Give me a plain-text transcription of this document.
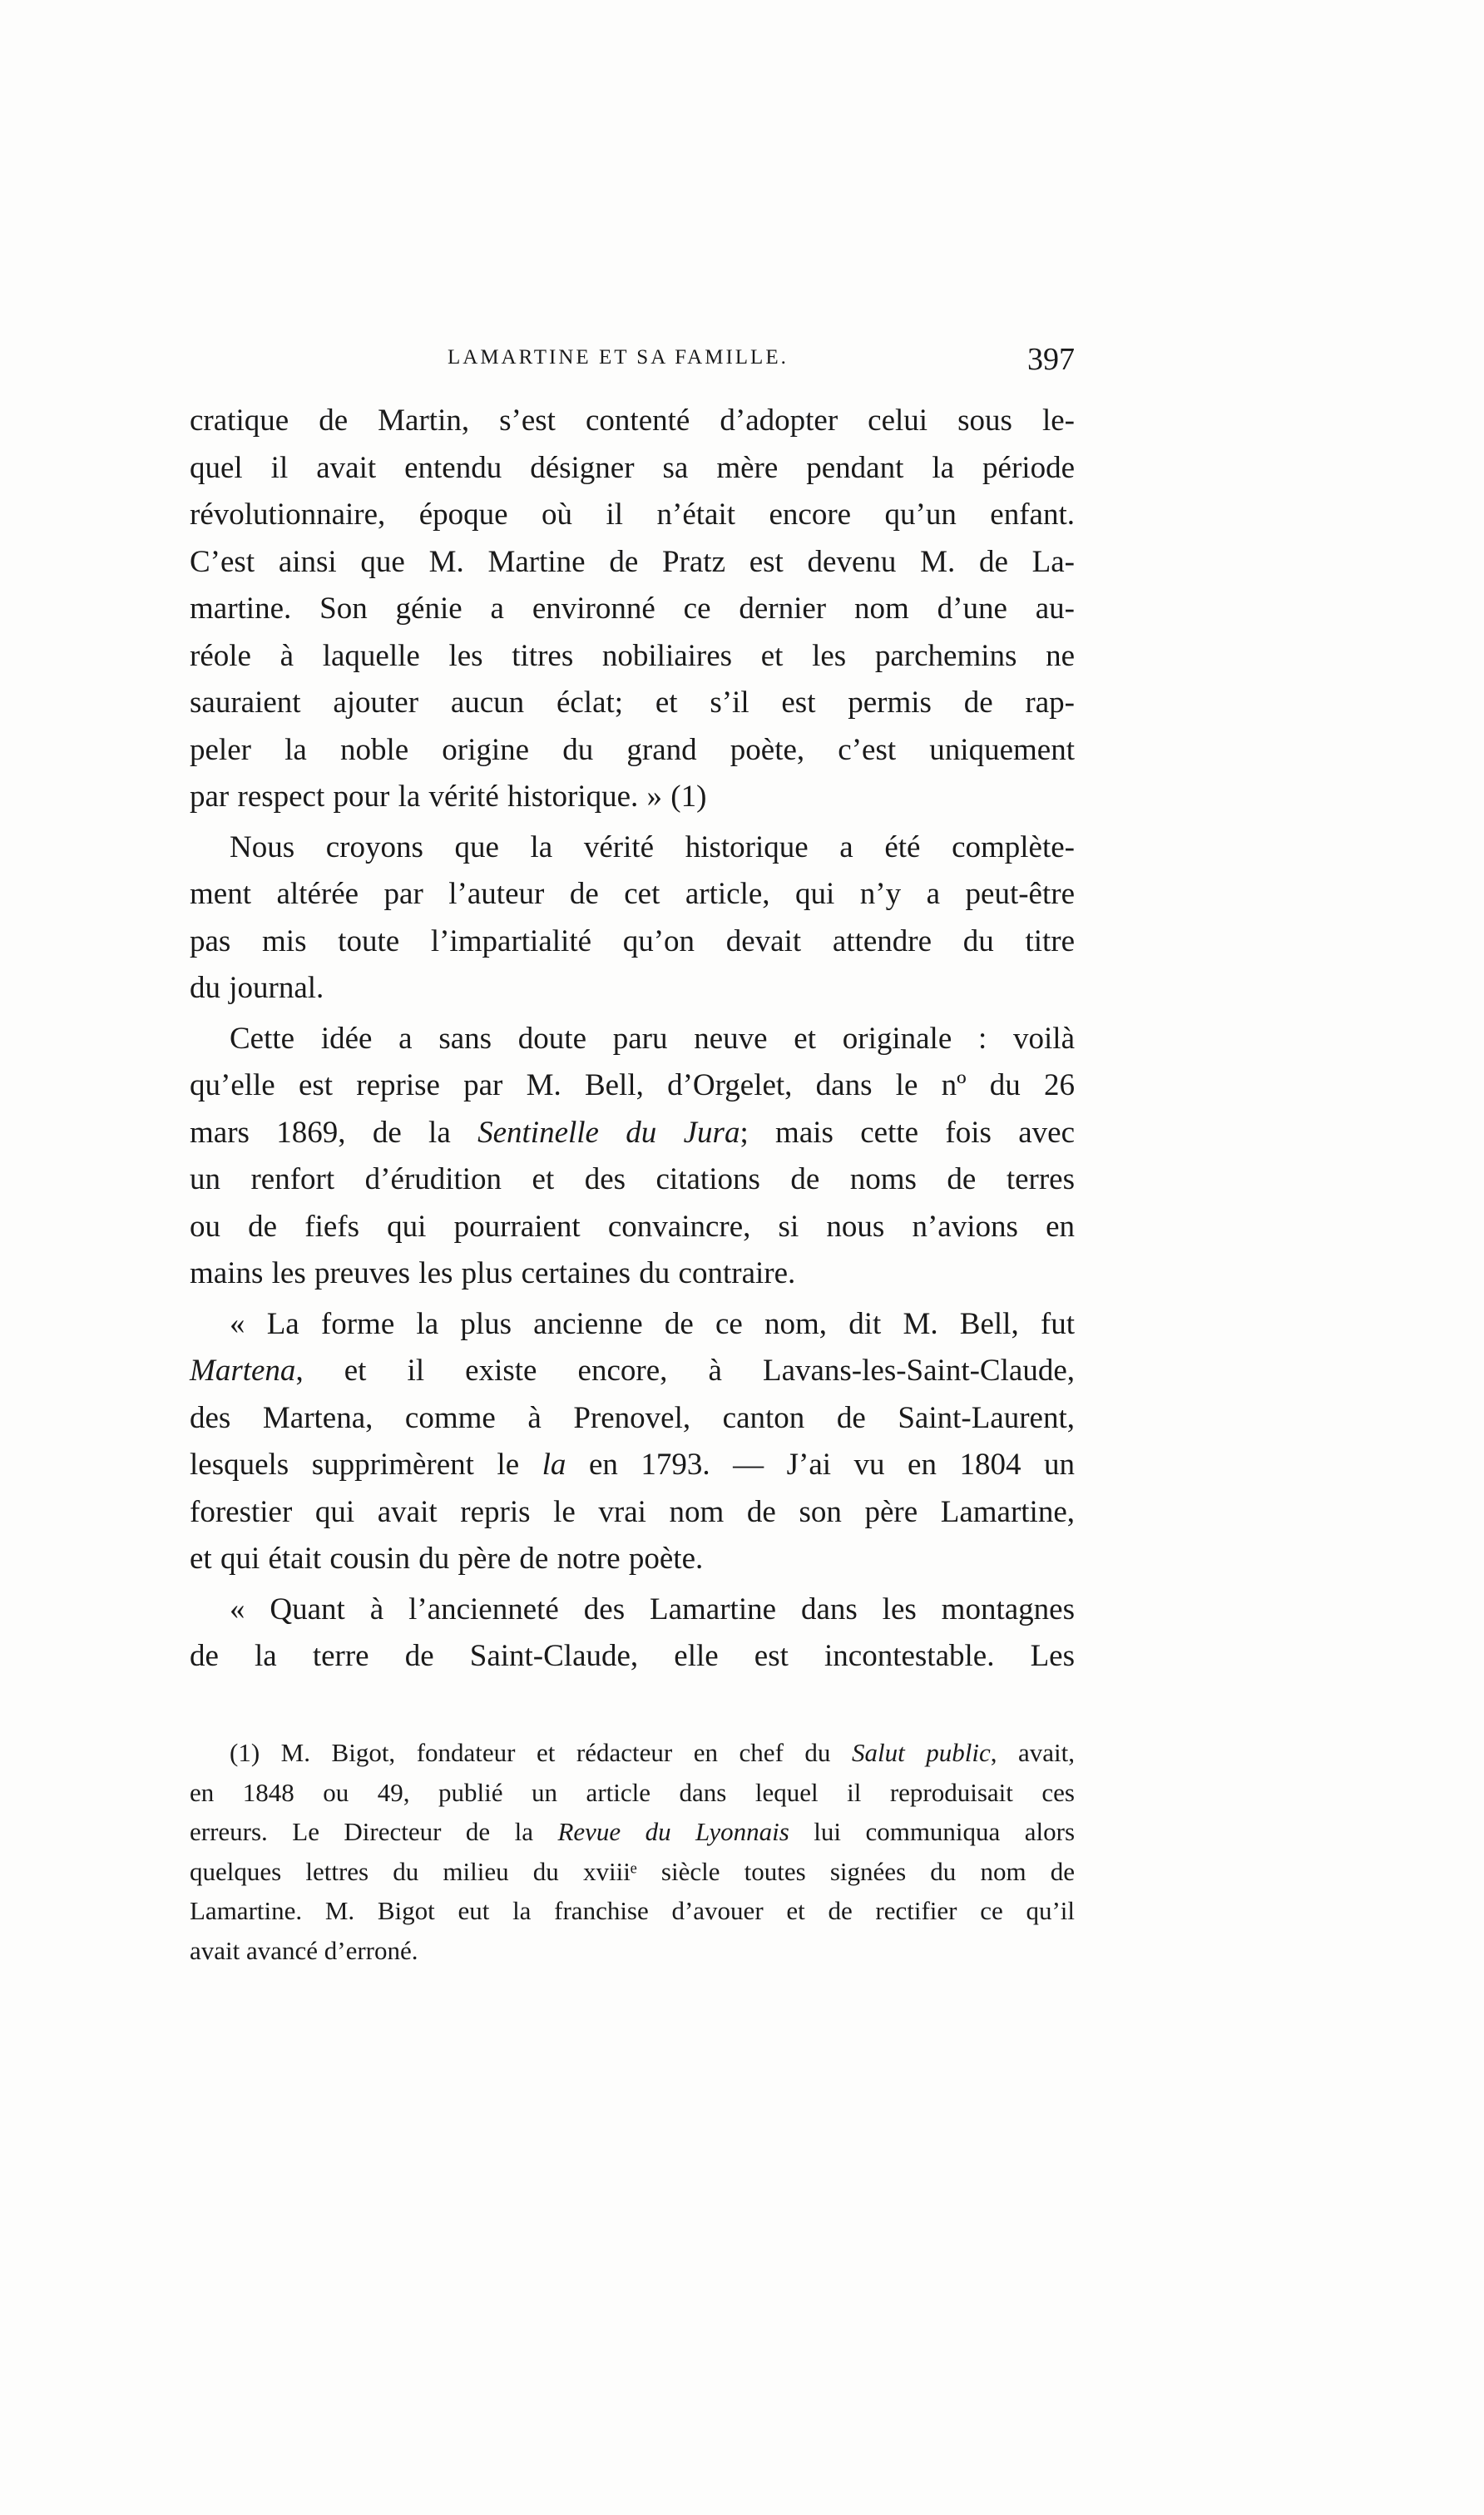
LAMARTINE ET SA FAMILLE.	397
cratique de Martin, s’est contenté d’adopter celui sous le-
quel il avait entendu désigner sa mère pendant la période
révolutionnaire, époque où il n’était encore qu’un enfant.
C’est ainsi que M. Martine de Pratz est devenu M. de La-
martine. Son génie a environné ce dernier nom d’une au-
réole à laquelle les titres nobiliaires et les parchemins ne
sauraient ajouter aucun éclat; et s’il est permis de rap-
peler la noble origine du grand poète, c’est uniquement
par respect pour la vérité historique. » (1)
Nous croyons que la vérité historique a été complète-
ment altérée par l’auteur de cet article, qui n’y a peut-être
pas mis toute l’impartialité qu’on devait attendre du titre
du journal.
Cette idée a sans doute paru neuve et originale : voilà
qu’elle est reprise par M. Bell, d’Orgelet, dans le nº du 26
mars 1869, de la Sentinelle du Jura; mais cette fois avec
un renfort d’érudition et des citations de noms de terres
ou de fiefs qui pourraient convaincre, si nous n’avions en
mains les preuves les plus certaines du contraire.
« La forme la plus ancienne de ce nom, dit M. Bell, fut
Martena, et il existe encore, à Lavans-les-Saint-Claude,
des Martena, comme à Prenovel, canton de Saint-Laurent,
lesquels supprimèrent le la en 1793. — J’ai vu en 1804 un
forestier qui avait repris le vrai nom de son père Lamartine,
et qui était cousin du père de notre poète.
« Quant à l’ancienneté des Lamartine dans les montagnes
de la terre de Saint-Claude, elle est incontestable. Les
(1) M. Bigot, fondateur et rédacteur en chef du Salut public, avait,
en 1848 ou 49, publié un article dans lequel il reproduisait ces
erreurs. Le Directeur de la Revue du Lyonnais lui communiqua alors
quelques lettres du milieu du xviiiᵉ siècle toutes signées du nom de
Lamartine. M. Bigot eut la franchise d’avouer et de rectifier ce qu’il
avait avancé d’erroné.
